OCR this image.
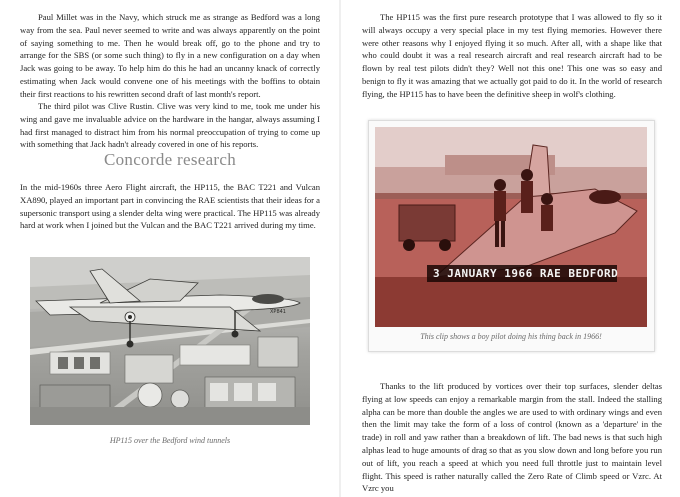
Paul Millet was in the Navy, which struck me as strange as Bedford was a long way from the sea. Paul never seemed to write and was always apparently on the point of saying something to me. Then he would break off, go to the phone and try to arrange for the SBS (or some such thing) to fly in a new configuration on a day when Jack was going to be away. To help him do this he had an uncanny knack of correctly estimating when Jack would convene one of his meetings with the boffins to obtain their first reactions to his rewritten second draft of last month's report.

The third pilot was Clive Rustin. Clive was very kind to me, took me under his wing and gave me invaluable advice on the hardware in the hangar, always assuming I had first managed to distract him from his normal preoccupation of trying to come up with something that Jack hadn't already covered in one of his reports.

Concorde research

In the mid-1960s three Aero Flight aircraft, the HP115, the BAC T221 and Vulcan XA890, played an important part in convincing the RAE scientists that their ideas for a supersonic transport using a slender delta wing were practical. The HP115 was already hard at work when I joined but the Vulcan and the BAC T221 arrived during my time.

XP841
HP115 over the Bedford wind tunnels

The HP115 was the first pure research prototype that I was allowed to fly so it will always occupy a very special place in my test flying memories. However there were other reasons why I enjoyed flying it so much. After all, with a shape like that who could doubt it was a real research aircraft and real research aircraft had to be flown by real test pilots didn't they? Well not this one! This one was so easy and benign to fly it was amazing that we actually got paid to do it. In the world of research flying, the HP115 has to have been the definitive sheep in wolf's clothing.

3 JANUARY 1966 RAE BEDFORD
This clip shows a boy pilot doing his thing back in 1966!

Thanks to the lift produced by vortices over their top surfaces, slender deltas flying at low speeds can enjoy a remarkable margin from the stall. Indeed the stalling alpha can be more than double the angles we are used to with ordinary wings and even then the limit may take the form of a loss of control (known as a 'departure' in the trade) in roll and yaw rather than a breakdown of lift. The bad news is that such high alphas lead to huge amounts of drag so that as you slow down and long before you run out of lift, you reach a speed at which you need full throttle just to maintain level flight. This speed is rather naturally called the Zero Rate of Climb speed or Vzrc. At Vzrc you
